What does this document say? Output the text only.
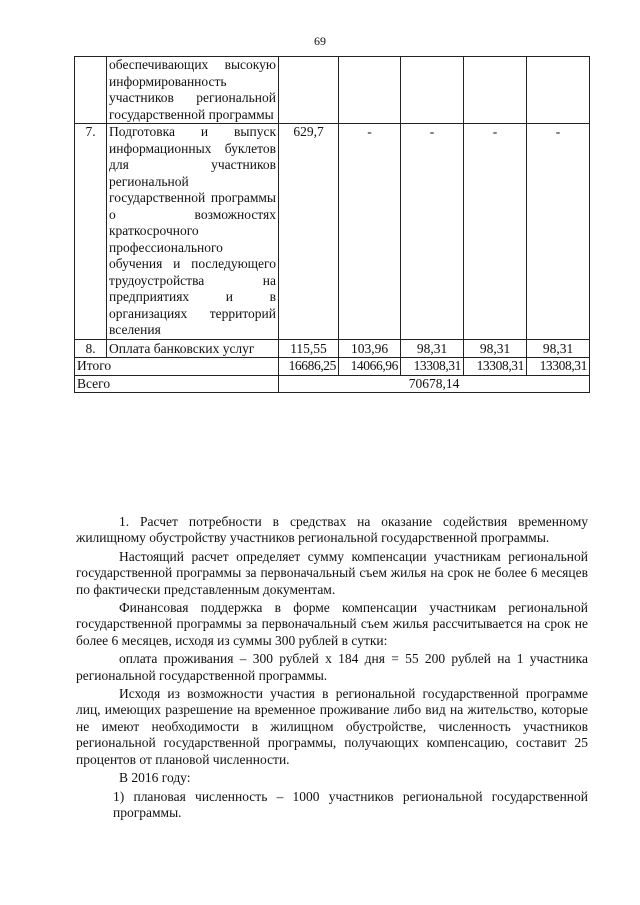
69
	обеспечивающих высокую информированность участников региональной государственной программы					
7.	Подготовка и выпуск информационных буклетов для участников региональной государственной программы о возможностях краткосрочного профессионального обучения и последующего трудоустройства на предприятиях и в организациях территорий вселения	629,7	-	-	-	-
8.	Оплата банковских услуг	115,55	103,96	98,31	98,31	98,31
Итого		16686,25	14066,96	13308,31	13308,31	13308,31
Всего		70678,14				

1. Расчет потребности в средствах на оказание содействия временному жилищному обустройству участников региональной государственной программы.

Настоящий расчет определяет сумму компенсации участникам региональной государственной программы за первоначальный съем жилья на срок не более 6 месяцев по фактически представленным документам.

Финансовая поддержка в форме компенсации участникам региональной государственной программы за первоначальный съем жилья рассчитывается на срок не более 6 месяцев, исходя из суммы 300 рублей в сутки:

оплата проживания – 300 рублей х 184 дня = 55 200 рублей на 1 участника региональной государственной программы.

Исходя из возможности участия в региональной государственной программе лиц, имеющих разрешение на временное проживание либо вид на жительство, которые не имеют необходимости в жилищном обустройстве, численность участников региональной государственной программы, получающих компенсацию, составит 25 процентов от плановой численности.

В 2016 году:

1) плановая численность – 1000 участников региональной государственной программы.
